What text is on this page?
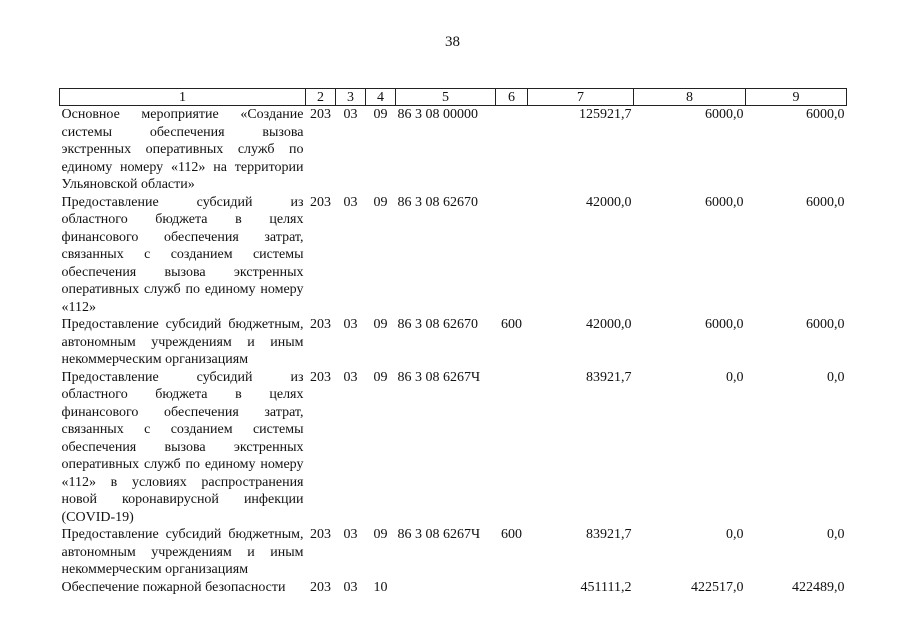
38
1	2	3	4	5	6	7	8	9
Основное мероприятие «Создание системы обеспечения вызова экстренных оперативных служб по единому номеру «112» на территории Ульяновской области»	203	03	09	86 3 08 00000		125921,7	6000,0	6000,0
Предоставление субсидий из областного бюджета в целях финансового обеспечения затрат, связанных с созданием системы обеспечения вызова экстренных оперативных служб по единому номеру «112»	203	03	09	86 3 08 62670		42000,0	6000,0	6000,0
Предоставление субсидий бюджетным, автономным учреждениям и иным некоммерческим организациям	203	03	09	86 3 08 62670	600	42000,0	6000,0	6000,0
Предоставление субсидий из областного бюджета в целях финансового обеспечения затрат, связанных с созданием системы обеспечения вызова экстренных оперативных служб по единому номеру «112» в условиях распространения новой коронавирусной инфекции (COVID-19)	203	03	09	86 3 08 6267Ч		83921,7	0,0	0,0
Предоставление субсидий бюджетным, автономным учреждениям и иным некоммерческим организациям	203	03	09	86 3 08 6267Ч	600	83921,7	0,0	0,0
Обеспечение пожарной безопасности	203	03	10			451111,2	422517,0	422489,0
